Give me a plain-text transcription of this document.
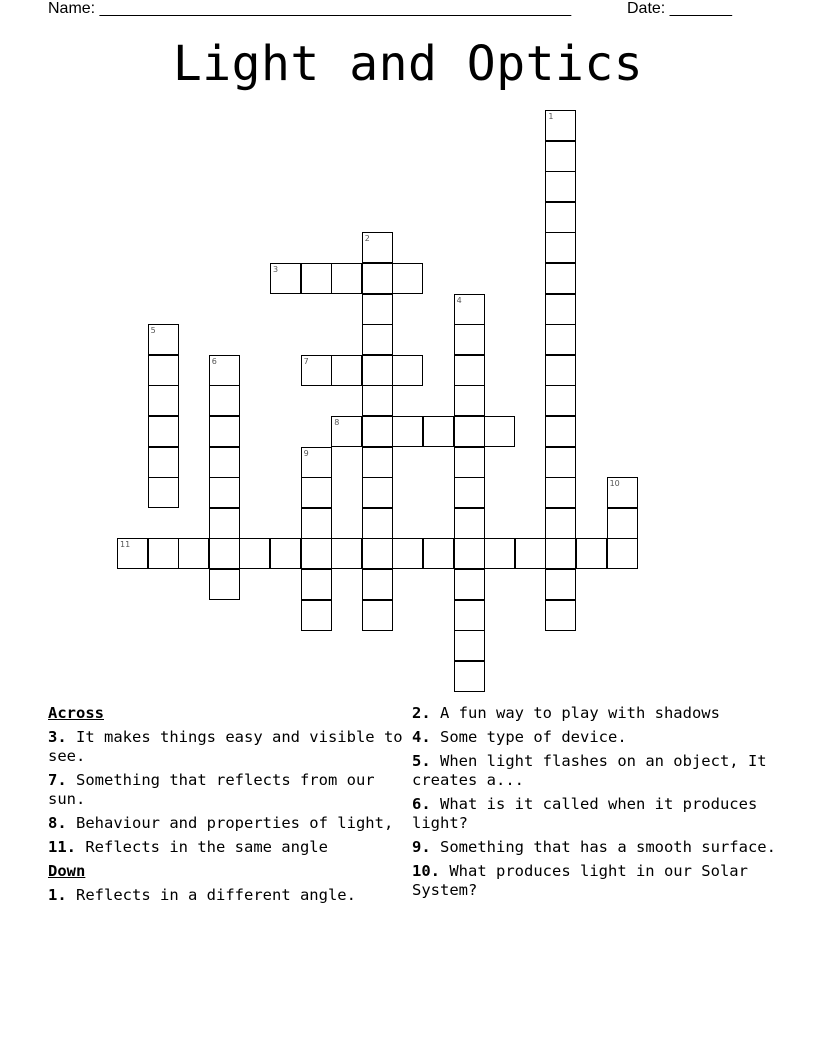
Name: _____________________________________________________	Date: _______
Light and Optics
1
2
3
4
5
6	7
8
9
10
11
Across
3. It makes things easy and visible to see.
7. Something that reflects from our sun.
8. Behaviour and properties of light,
11. Reflects in the same angle
Down
1. Reflects in a different angle.
2. A fun way to play with shadows
4. Some type of device.
5. When light flashes on an object, It creates a...
6. What is it called when it produces light?
9. Something that has a smooth surface.
10. What produces light in our Solar System?
